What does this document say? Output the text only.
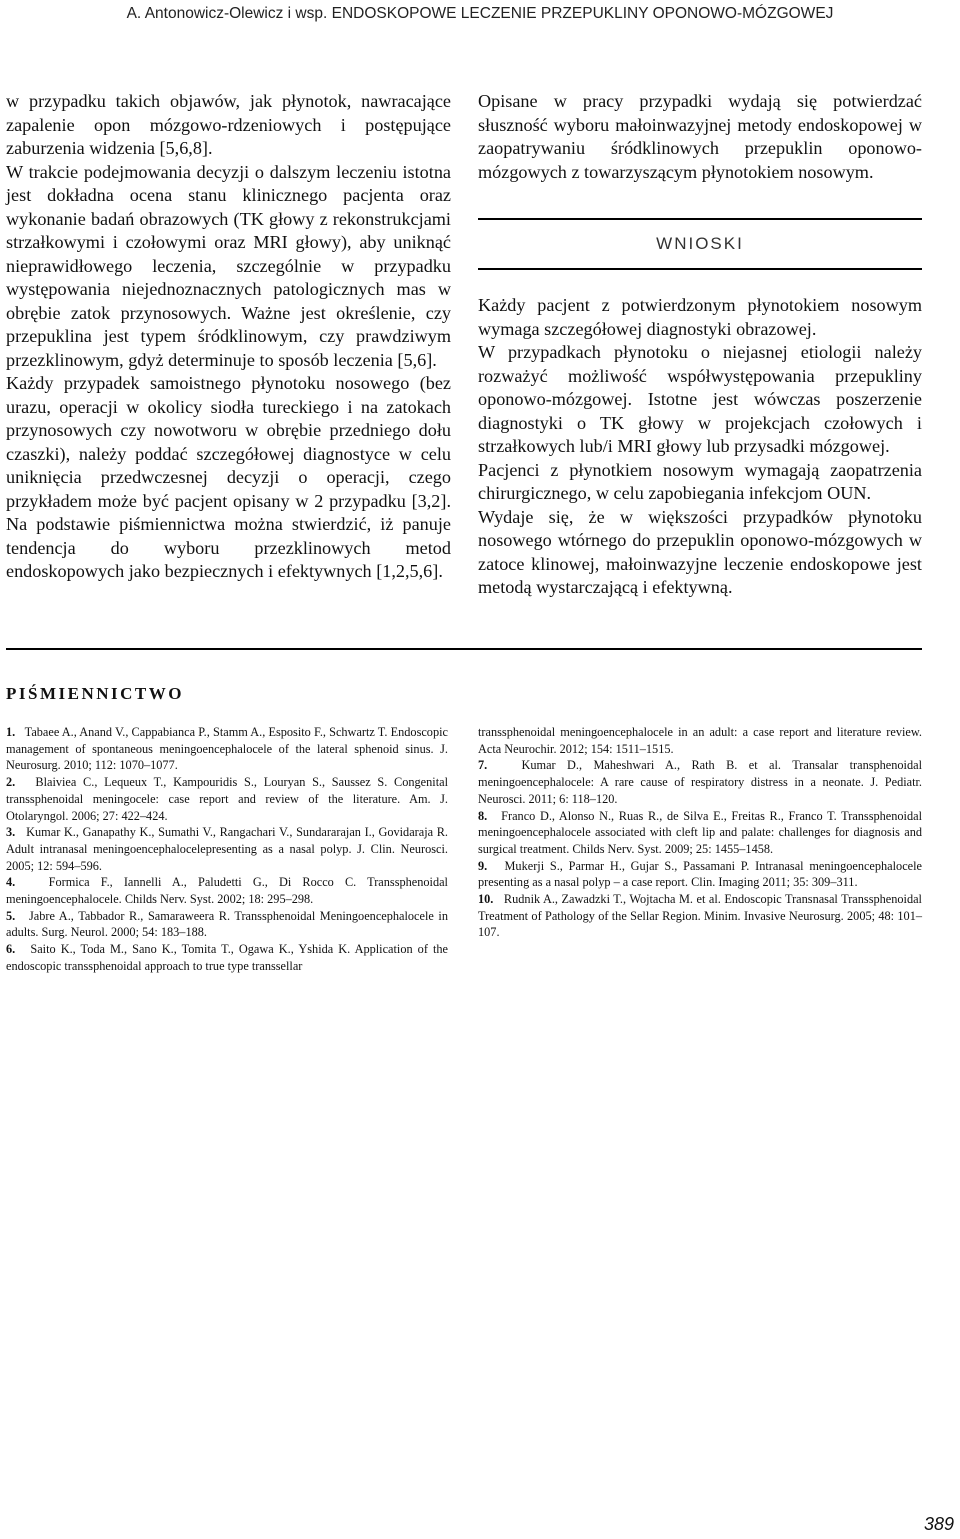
A. Antonowicz-Olewicz i wsp. ENDOSKOPOWE LECZENIE PRZEPUKLINY OPONOWO-MÓZGOWEJ

w przypadku takich objawów, jak płynotok, nawracające zapalenie opon mózgowo-rdzeniowych i postępujące zaburzenia widzenia [5,6,8].

W trakcie podejmowania decyzji o dalszym leczeniu istotna jest dokładna ocena stanu klinicznego pacjenta oraz wykonanie badań obrazowych (TK głowy z rekonstrukcjami strzałkowymi i czołowymi oraz MRI głowy), aby uniknąć nieprawidłowego leczenia, szczególnie w przypadku występowania niejednoznacznych patologicznych mas w obrębie zatok przynosowych. Ważne jest określenie, czy przepuklina jest typem śródklinowym, czy prawdziwym przezklinowym, gdyż determinuje to sposób leczenia [5,6].

Każdy przypadek samoistnego płynotoku nosowego (bez urazu, operacji w okolicy siodła tureckiego i na zatokach przynosowych czy nowotworu w obrębie przedniego dołu czaszki), należy poddać szczegółowej diagnostyce w celu uniknięcia przedwczesnej decyzji o operacji, czego przykładem może być pacjent opisany w 2 przypadku [3,2]. Na podstawie piśmiennictwa można stwierdzić, iż panuje tendencja do wyboru przezklinowych metod endoskopowych jako bezpiecznych i efektywnych [1,2,5,6].

Opisane w pracy przypadki wydają się potwierdzać słuszność wyboru małoinwazyjnej metody endoskopowej w zaopatrywaniu śródklinowych przepuklin oponowo-mózgowych z towarzyszącym płynotokiem nosowym.

WNIOSKI

Każdy pacjent z potwierdzonym płynotokiem nosowym wymaga szczegółowej diagnostyki obrazowej.

W przypadkach płynotoku o niejasnej etiologii należy rozważyć możliwość współwystępowania przepukliny oponowo-mózgowej. Istotne jest wówczas poszerzenie diagnostyki o TK głowy w projekcjach czołowych i strzałkowych lub/i MRI głowy lub przysadki mózgowej.

Pacjenci z płynotkiem nosowym wymagają zaopatrzenia chirurgicznego, w celu zapobiegania infekcjom OUN.

Wydaje się, że w większości przypadków płynotoku nosowego wtórnego do przepuklin oponowo-mózgowych w zatoce klinowej, małoinwazyjne leczenie endoskopowe jest metodą wystarczającą i efektywną.

PIŚMIENNICTWO
1. Tabaee A., Anand V., Cappabianca P., Stamm A., Esposito F., Schwartz T. Endoscopic management of spontaneous meningoencephalocele of the lateral sphenoid sinus. J. Neurosurg. 2010; 112: 1070–1077.
2. Blaiviea C., Lequeux T., Kampouridis S., Louryan S., Saussez S. Congenital transsphenoidal meningocele: case report and review of the literature. Am. J. Otolaryngol. 2006; 27: 422–424.
3. Kumar K., Ganapathy K., Sumathi V., Rangachari V., Sundararajan I., Govidaraja R. Adult intranasal meningoencephalocelepresenting as a nasal polyp. J. Clin. Neurosci. 2005; 12: 594–596.
4.	Formica F., Iannelli A., Paludetti G., Di Rocco C. Transsphenoidal meningoencephalocele. Childs Nerv. Syst. 2002; 18: 295–298.
5. Jabre A., Tabbador R., Samaraweera R. Transsphenoidal Meningoencephalocele in adults. Surg. Neurol. 2000; 54: 183–188.
6. Saito K., Toda M., Sano K., Tomita T., Ogawa K., Yshida K. Application of the endoscopic transsphenoidal approach to true type transsellar
transsphenoidal meningoencephalocele in an adult: a case report and literature review. Acta Neurochir. 2012; 154: 1511–1515.
7.	Kumar D., Maheshwari A., Rath B. et al. Transalar transphenoidal meningoencephalocele: A rare cause of respiratory distress in a neonate. J. Pediatr. Neurosci. 2011; 6: 118–120.
8. Franco D., Alonso N., Ruas R., de Silva E., Freitas R., Franco T. Transsphenoidal meningoencephalocele associated with cleft lip and palate: challenges for diagnosis and surgical treatment. Childs Nerv. Syst. 2009; 25: 1455–1458.
9. Mukerji S., Parmar H., Gujar S., Passamani P. Intranasal meningoencephalocele presenting as a nasal polyp – a case report. Clin. Imaging 2011; 35: 309–311.
10. Rudnik A., Zawadzki T., Wojtacha M. et al. Endoscopic Transnasal Transsphenoidal Treatment of Pathology of the Sellar Region. Minim. Invasive Neurosurg. 2005; 48: 101–107.
389
